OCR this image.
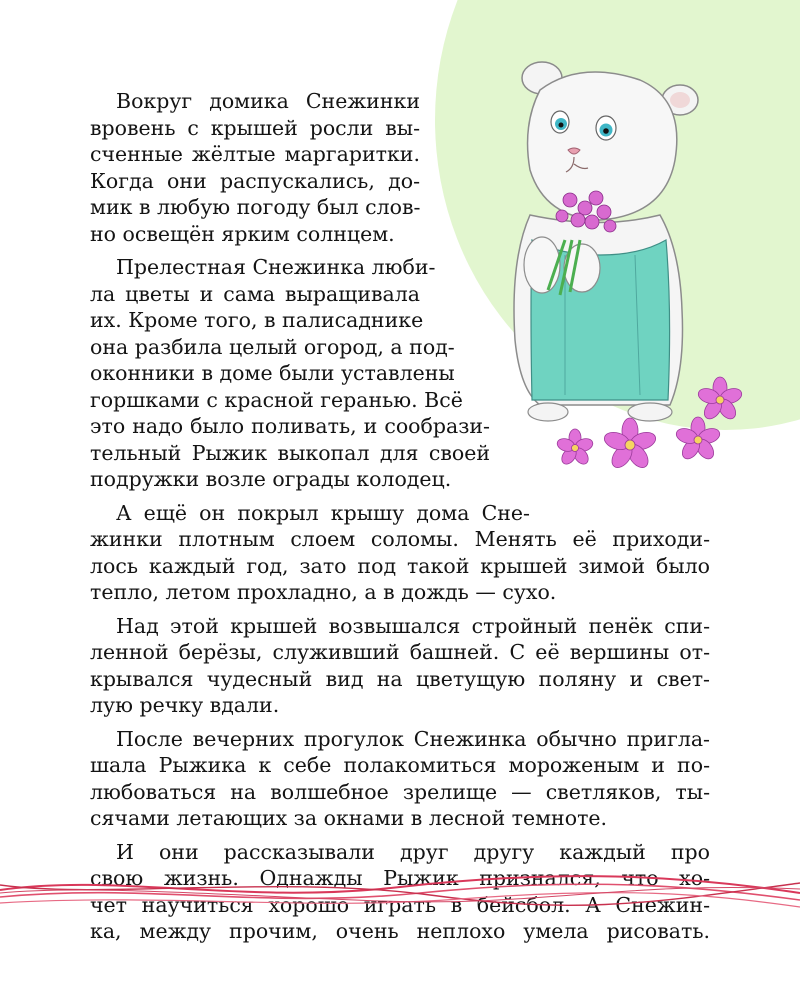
Вокруг домика Снежинки
вровень с крышей росли вы-
сченные жёлтые маргаритки.
Когда они распускались, до-
мик в любую погоду был слов-
но освещён ярким солнцем.

Прелестная Снежинка люби-
ла цветы и сама выращивала
их. Кроме того, в палисаднике
она разбила целый огород, а под-
оконники в доме были уставлены
горшками с красной геранью. Всё
это надо было поливать, и сообрази-
тельный Рыжик выкопал для своей
подружки возле ограды колодец.

А ещё он покрыл крышу дома Сне-
жинки плотным слоем соломы. Менять её приходи-
лось каждый год, зато под такой крышей зимой было
тепло, летом прохладно, а в дождь — сухо.

Над этой крышей возвышался стройный пенёк спи-
ленной берёзы, служивший башней. С её вершины от-
крывался чудесный вид на цветущую поляну и свет-
лую речку вдали.

После вечерних прогулок Снежинка обычно пригла-
шала Рыжика к себе полакомиться мороженым и по-
любоваться на волшебное зрелище — светляков, ты-
сячами летающих за окнами в лесной темноте.

И они рассказывали друг другу каждый про
свою жизнь. Однажды Рыжик признался, что хо-
чет научиться хорошо играть в бейсбол. А Снежин-
ка, между прочим, очень неплохо умела рисовать.
